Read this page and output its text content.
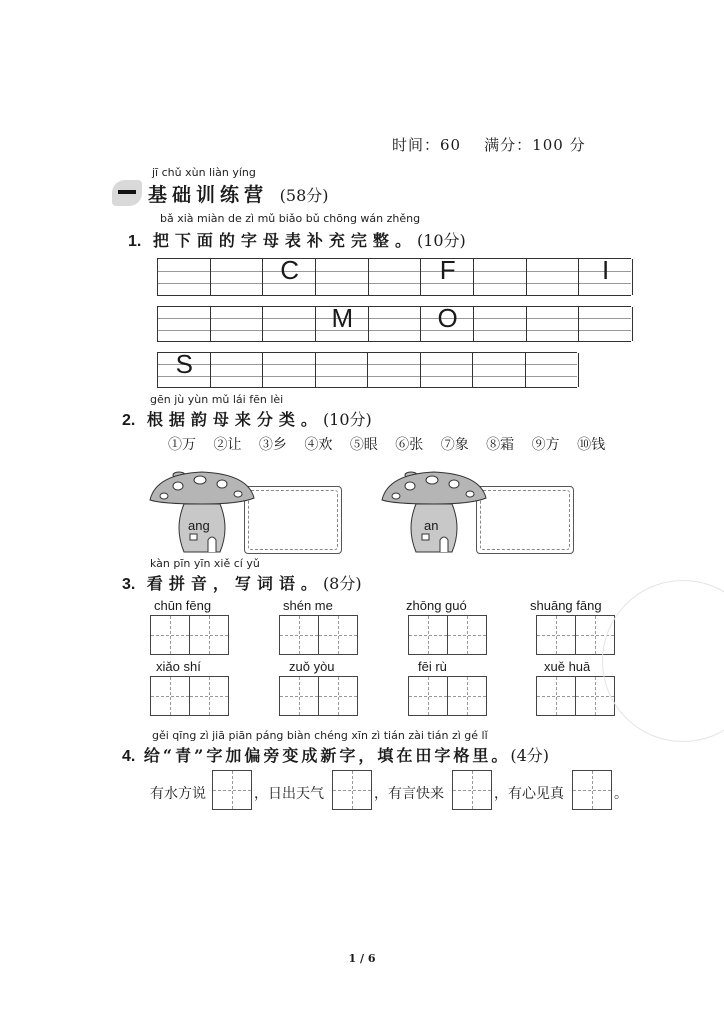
时间：60 满分：100 分
jī chǔ xùn liàn yíng
基础训练营 (58分)
bǎ xià miàn de zì mǔ biǎo bǔ chōng wán zhěng
1. 把下面的字母表补充完整。(10分)
C	F	I
M	O
S
gēn jù yùn mǔ lái fēn lèi
2. 根据韵母来分类。(10分)
①万 ②让 ③乡 ④欢 ⑤眼 ⑥张 ⑦象 ⑧霜 ⑨方 ⑩钱
ang	an
kàn pīn yīn xiě cí yǔ
3. 看拼音，写词语。(8分)
chūn fēng	shén me	zhōng guó	shuāng fāng
xiǎo shí	zuǒ yòu	fēi rù	xuě huā
gěi qīng zì jiā piān páng biàn chéng xīn zì tián zài tián zì gé lǐ
4. 给“青”字加偏旁变成新字，填在田字格里。(4分)
有水方说	，日出天气	，有言快来	，有心见真	。
1 / 6
